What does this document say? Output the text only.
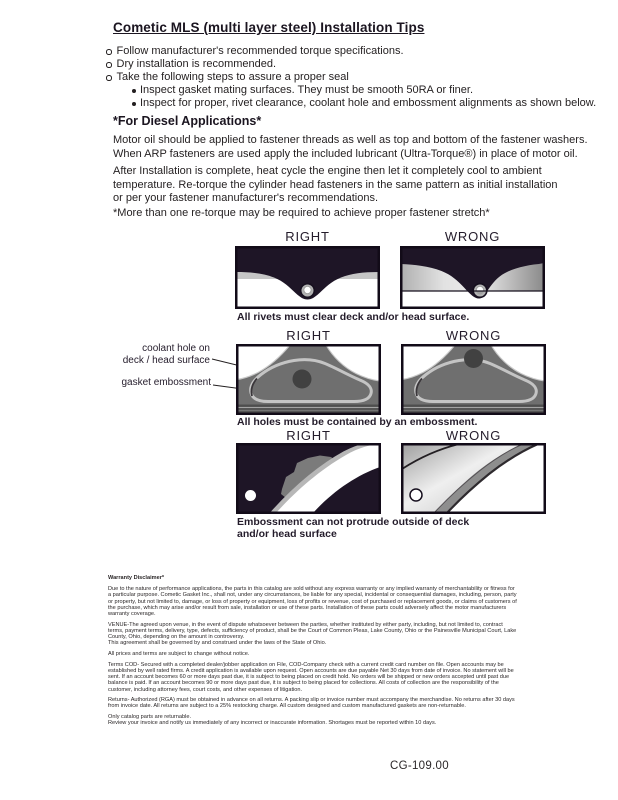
Cometic MLS (multi layer steel) Installation Tips
Follow manufacturer's recommended torque specifications.
Dry installation is recommended.
Take the following steps to assure a proper seal
Inspect gasket mating surfaces. They must be smooth 50RA or finer.
Inspect for proper, rivet clearance, coolant hole and embossment alignments as shown below.
*For Diesel Applications*
Motor oil should be applied to fastener threads as well as top and bottom of the fastener washers.
When ARP fasteners are used apply the included lubricant (Ultra-Torque®) in place of motor oil.
After Installation is complete, heat cycle the engine then let it completely cool to ambient
temperature. Re-torque the cylinder head fasteners in the same pattern as initial installation
or per your fastener manufacturer's recommendations.
*More than one re-torque may be required to achieve proper fastener stretch*
RIGHT	WRONG
All rivets must clear deck and/or head surface.
RIGHT	WRONG
coolant hole on
deck / head surface
gasket embossment
All holes must be contained by an embossment.
RIGHT	WRONG
Embossment can not protrude outside of deck and/or head surface
Warranty Disclaimer*

Due to the nature of performance applications, the parts in this catalog are sold without any express warranty or any implied warranty of merchantability or fitness for a particular purpose. Cometic Gasket Inc., shall not, under any circumstances, be liable for any special, incidental or consequential damages, including, person, party or property, but not limited to, damage, or loss of property or equipment, loss of profits or revenue, cost of purchased or replacement goods, or claims of customers of the purchase, which may arise and/or result from sale, installation or use of these parts. Installation of these parts could adversely affect the motor manufacturers warranty coverage.

VENUE-The agreed upon venue, in the event of dispute whatsoever between the parties, whether instituted by either party, including, but not limited to, contract terms, payment terms, delivery, type, defects, sufficiency of product, shall be the Court of Common Pleas, Lake County, Ohio or the Painesville Municipal Court, Lake County, Ohio, depending on the amount in controversy.

This agreement shall be governed by and construed under the laws of the State of Ohio.

All prices and terms are subject to change without notice.

Terms COD- Secured with a completed dealer/jobber application on File, COD-Company check with a current credit card number on file. Open accounts may be established by well rated firms. A credit application is available upon request. Open accounts are due payable Net 30 days from date of invoice. No statement will be sent. If an account becomes 60 or more days past due, it is subject to being placed on credit hold. No orders will be shipped or new orders accepted until past due balance is paid. If an account becomes 90 or more days past due, it is subject to being placed for collections. All costs of collection are the responsibility of the customer, including attorney fees, court costs, and other expenses of litigation.

Returns- Authorized (RGA) must be obtained in advance on all returns. A packing slip or invoice number must accompany the merchandise. No returns after 30 days from invoice date. All returns are subject to a 25% restocking charge. All custom designed and custom manufactured gaskets are non-returnable.

Only catalog parts are returnable.

Review your invoice and notify us immediately of any incorrect or inaccurate information. Shortages must be reported within 10 days.

CG-109.00
